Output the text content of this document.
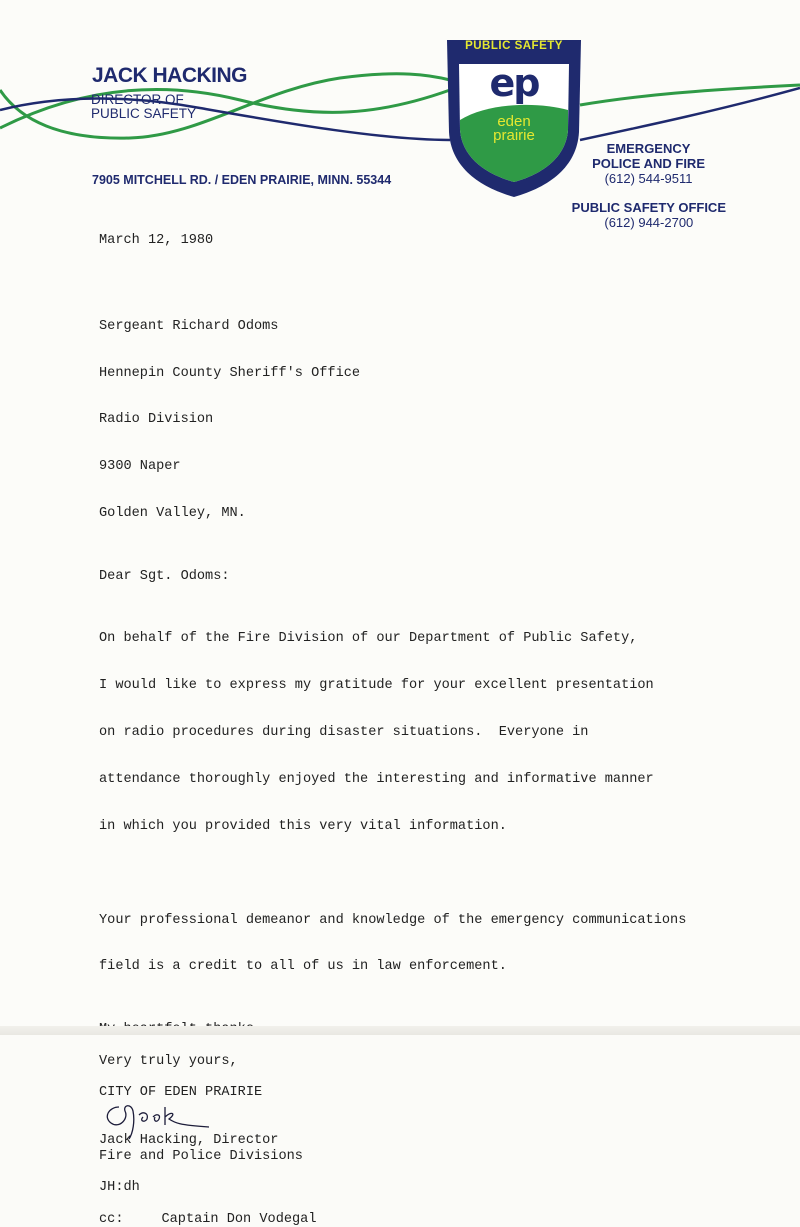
PUBLIC SAFETY
ep
eden
prairie
JACK HACKING
DIRECTOR OF
PUBLIC SAFETY
7905 MITCHELL RD. / EDEN PRAIRIE, MINN. 55344
EMERGENCY
POLICE AND FIRE
(612) 544-9511
PUBLIC SAFETY OFFICE
(612) 944-2700
March 12, 1980

Sergeant Richard Odoms

Hennepin County Sheriff's Office

Radio Division

9300 Naper

Golden Valley, MN.

Dear Sgt. Odoms:

On behalf of the Fire Division of our Department of Public Safety,

I would like to express my gratitude for your excellent presentation

on radio procedures during disaster situations.  Everyone in

attendance thoroughly enjoyed the interesting and informative manner

in which you provided this very vital information.

Your professional demeanor and knowledge of the emergency communications

field is a credit to all of us in law enforcement.

Very truly yours,
CITY OF EDEN PRAIRIE

Jack Hacking, Director
Fire and Police Divisions
JH:dh
cc:	Captain Don Vodegal
